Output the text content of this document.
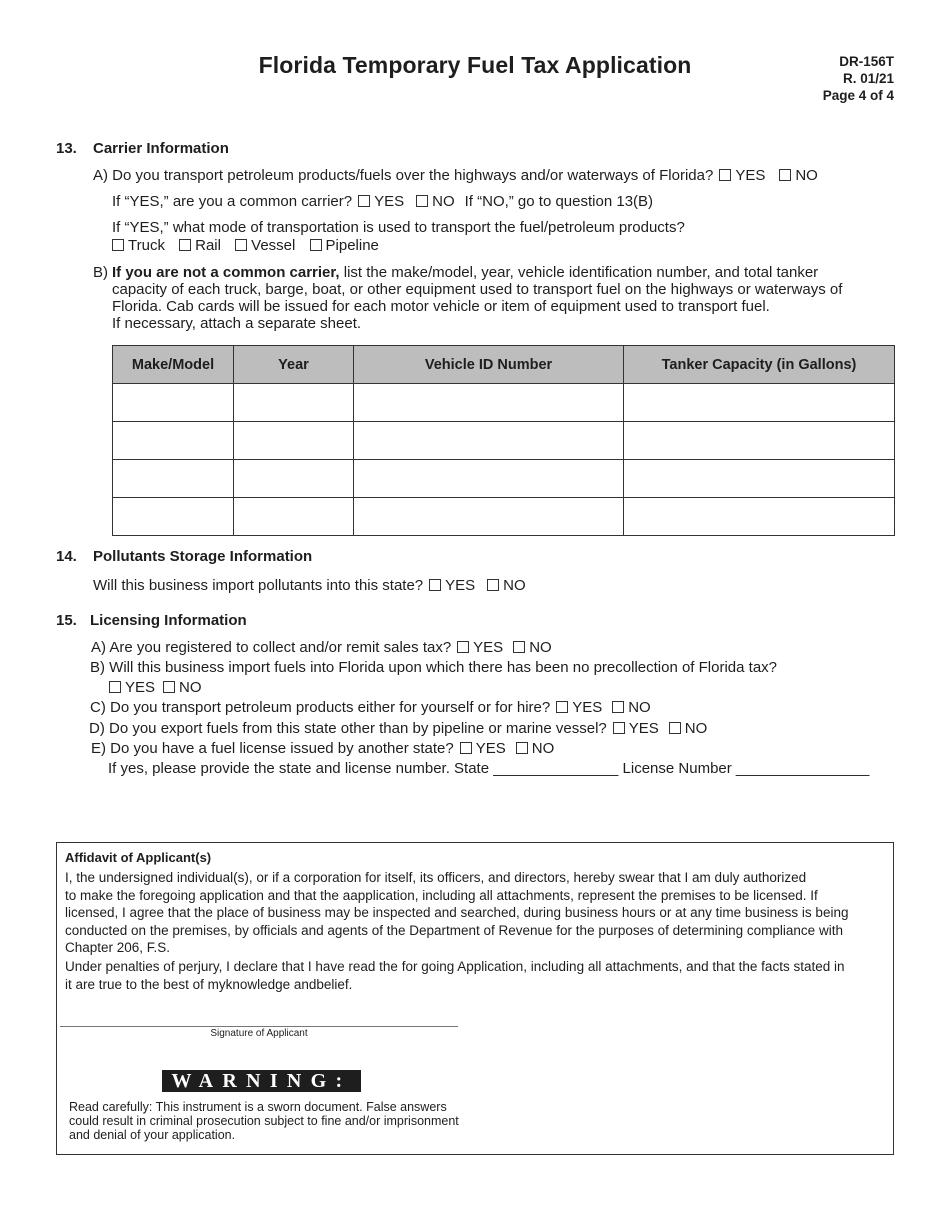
Florida Temporary Fuel Tax Application	DR-156T
R. 01/21
Page 4 of 4
13. Carrier Information
A) Do you transport petroleum products/fuels over the highways and/or waterways of Florida? YES NO
If “YES,” are you a common carrier? YES NO If “NO,” go to question 13(B)
If “YES,” what mode of transportation is used to transport the fuel/petroleum products?
Truck Rail Vessel Pipeline
B) If you are not a common carrier, list the make/model, year, vehicle identification number, and total tanker
capacity of each truck, barge, boat, or other equipment used to transport fuel on the highways or waterways of
Florida. Cab cards will be issued for each motor vehicle or item of equipment used to transport fuel.
If necessary, attach a separate sheet.
Make/Model	Year	Vehicle ID Number	Tanker Capacity (in Gallons)

14. Pollutants Storage Information
Will this business import pollutants into this state? YES NO
15. Licensing Information
A) Are you registered to collect and/or remit sales tax? YES NO
B) Will this business import fuels into Florida upon which there has been no precollection of Florida tax?
YES NO
C) Do you transport petroleum products either for yourself or for hire? YES NO
D) Do you export fuels from this state other than by pipeline or marine vessel? YES NO
E) Do you have a fuel license issued by another state? YES NO
If yes, please provide the state and license number. State _______________ License Number ________________
Affidavit of Applicant(s)
I, the undersigned individual(s), or if a corporation for itself, its officers, and directors, hereby swear that I am duly authorized
to make the foregoing application and that the aapplication, including all attachments, represent the premises to be licensed. If
licensed, I agree that the place of business may be inspected and searched, during business hours or at any time business is being
conducted on the premises, by officials and agents of the Department of Revenue for the purposes of determining compliance with
Chapter 206, F.S.
Under penalties of perjury, I declare that I have read the for going Application, including all attachments, and that the facts stated in
it are true to the best of myknowledge andbelief.
Signature of Applicant
WARNING:
Read carefully: This instrument is a sworn document. False answers
could result in criminal prosecution subject to fine and/or imprisonment
and denial of your application.
